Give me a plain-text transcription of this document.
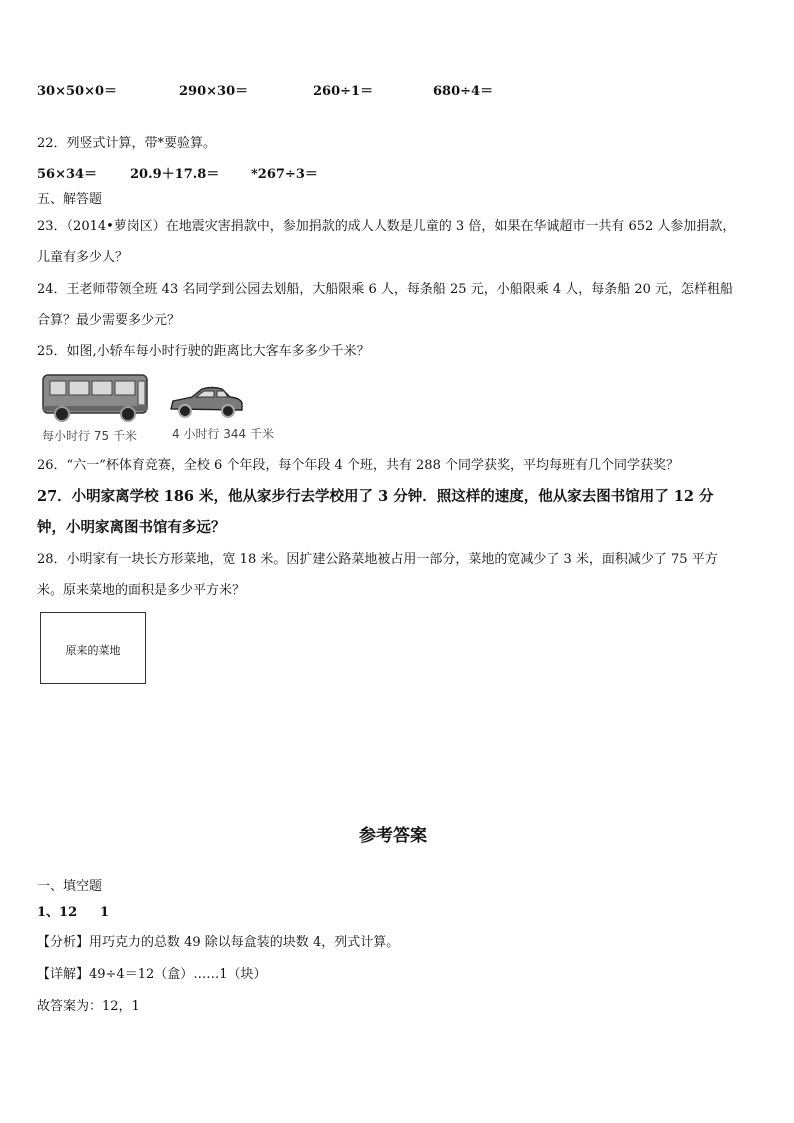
30×50×0＝	290×30＝	260÷1＝	680÷4＝
22．列竖式计算，带*要验算。
56×34＝	20.9＋17.8＝ *267÷3＝
五、解答题
23．（2014•萝岗区）在地震灾害捐款中，参加捐款的成人人数是儿童的 3 倍，如果在华诚超市一共有 652 人参加捐款，
儿童有多少人？
24．王老师带领全班 43 名同学到公园去划船，大船限乘 6 人，每条船 25 元，小船限乘 4 人，每条船 20 元，怎样租船
合算？最少需要多少元？
25．如图,小轿车每小时行驶的距离比大客车多多少千米？
每小时行 75 千米	4 小时行 344 千米
26．“六一”杯体育竞赛，全校 6 个年段，每个年段 4 个班，共有 288 个同学获奖，平均每班有几个同学获奖？
27．小明家离学校 186 米，他从家步行去学校用了 3 分钟．照这样的速度，他从家去图书馆用了 12 分
钟，小明家离图书馆有多远？
28．小明家有一块长方形菜地，宽 18 米。因扩建公路菜地被占用一部分，菜地的宽减少了 3 米，面积减少了 75 平方
米。原来菜地的面积是多少平方米？
原来的菜地
参考答案
一、填空题
1、12 1
【分析】用巧克力的总数 49 除以每盒装的块数 4，列式计算。
【详解】49÷4＝12（盒）……1（块）
故答案为：12，1
